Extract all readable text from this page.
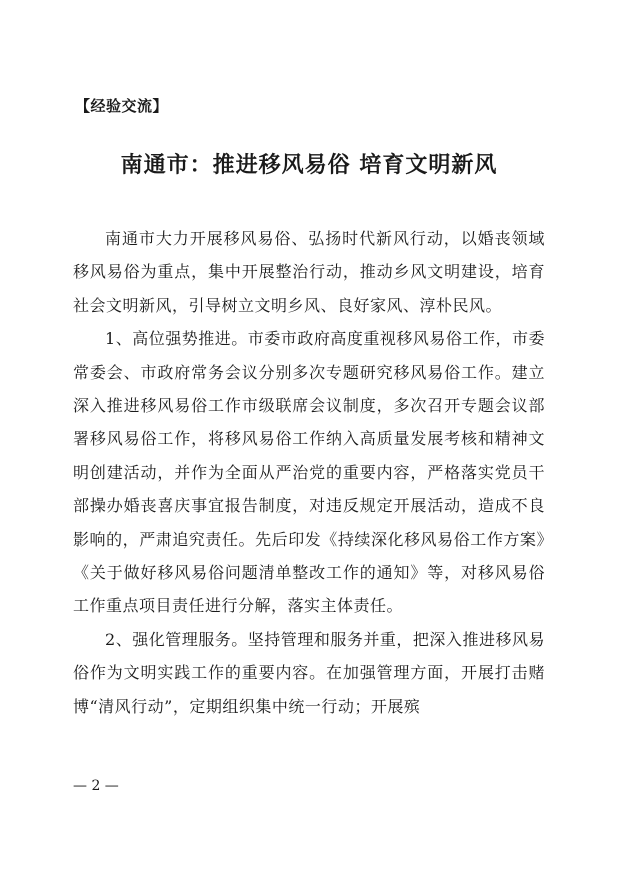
【经验交流】
南通市：推进移风易俗 培育文明新风

南通市大力开展移风易俗、弘扬时代新风行动，以婚丧领域移风易俗为重点，集中开展整治行动，推动乡风文明建设，培育社会文明新风，引导树立文明乡风、良好家风、淳朴民风。

1、高位强势推进。市委市政府高度重视移风易俗工作，市委常委会、市政府常务会议分别多次专题研究移风易俗工作。建立深入推进移风易俗工作市级联席会议制度，多次召开专题会议部署移风易俗工作，将移风易俗工作纳入高质量发展考核和精神文明创建活动，并作为全面从严治党的重要内容，严格落实党员干部操办婚丧喜庆事宜报告制度，对违反规定开展活动，造成不良影响的，严肃追究责任。先后印发《持续深化移风易俗工作方案》《关于做好移风易俗问题清单整改工作的通知》等，对移风易俗工作重点项目责任进行分解，落实主体责任。

2、强化管理服务。坚持管理和服务并重，把深入推进移风易俗作为文明实践工作的重要内容。在加强管理方面，开展打击赌博“清风行动”，定期组织集中统一行动；开展殡

— 2 —
